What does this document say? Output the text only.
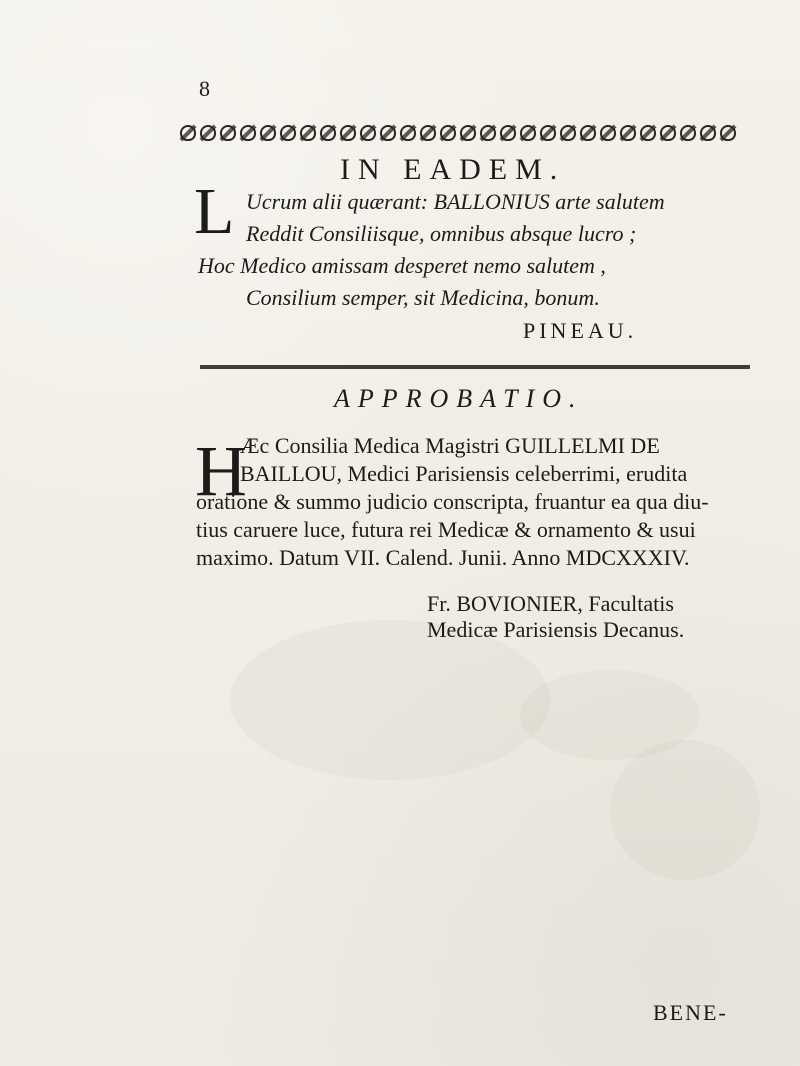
8
IN EADEM.
L Ucrum alii quærant: BALLONIUS arte salutem
Reddit Consiliisque, omnibus absque lucro ;
Hoc Medico amissam desperet nemo salutem ,
Consilium semper, sit Medicina, bonum.
PINEAU.
APPROBATIO.
H
Æc Consilia Medica Magistri GUILLELMI DE
BAILLOU, Medici Parisiensis celeberrimi, erudita
oratione & summo judicio conscripta, fruantur ea qua diu-
tius caruere luce, futura rei Medicæ & ornamento & usui
maximo. Datum VII. Calend. Junii. Anno MDCXXXIV.
Fr. BOVIONIER, Facultatis
Medicæ Parisiensis Decanus.
BENE-
